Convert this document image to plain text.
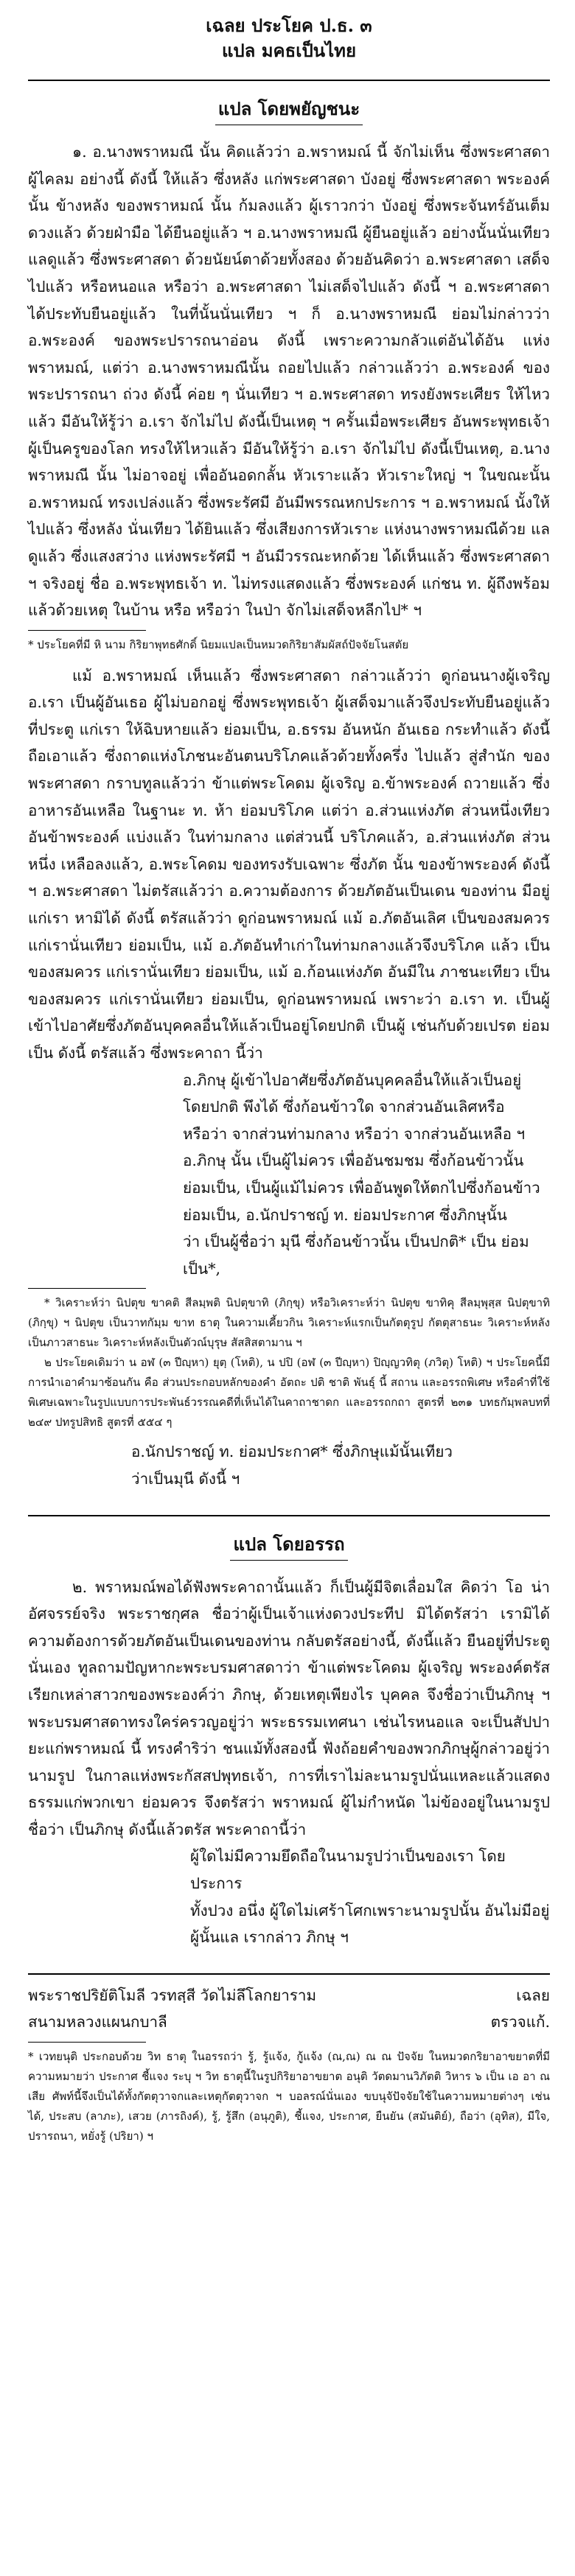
เฉลย ประโยค ป.ธ. ๓
แปล มคธเป็นไทย
แปล โดยพยัญชนะ

๑. อ.นางพราหมณี นั้น คิดแล้วว่า อ.พราหมณ์ นี้ จักไม่เห็น ซึ่งพระศาสดา ผู้ไคลม อย่างนี้ ดังนี้ ให้แล้ว ซึ่งหลัง แก่พระศาสดา บังอยู่ ซึ่งพระศาสดา พระองค์นั้น ข้างหลัง ของพราหมณ์ นั้น ก้มลงแล้ว ผู้เราวกว่า บังอยู่ ซึ่งพระจันทร์อันเต็มดวงแล้ว ด้วยฝ่ามือ ได้ยืนอยู่แล้ว ฯ อ.นางพราหมณี ผู้ยืนอยู่แล้ว อย่างนั้นนั่นเทียว แลดูแล้ว ซึ่งพระศาสดา ด้วยนัยน์ตาด้วยทั้งสอง ด้วยอันคิดว่า อ.พระศาสดา เสด็จไปแล้ว หรือหนอแล หรือว่า อ.พระศาสดา ไม่เสด็จไปแล้ว ดังนี้ ฯ อ.พระศาสดา ได้ประทับยืนอยู่แล้ว ในที่นั้นนั่นเทียว ฯ ก็ อ.นางพราหมณี ย่อมไม่กล่าวว่า อ.พระองค์ ของพระปรารถนาอ่อน ดังนี้ เพราะความกลัวแต่อันได้อัน แห่งพราหมณ์, แต่ว่า อ.นางพราหมณีนั้น ถอยไปแล้ว กล่าวแล้วว่า อ.พระองค์ ของพระปรารถนา ถ่วง ดังนี้ ค่อย ๆ นั่นเทียว ฯ อ.พระศาสดา ทรงยังพระเศียร ให้ไหวแล้ว มีอันให้รู้ว่า อ.เรา จักไม่ไป ดังนี้เป็นเหตุ ฯ ครั้นเมื่อพระเศียร อันพระพุทธเจ้า ผู้เป็นครูของโลก ทรงให้ไหวแล้ว มีอันให้รู้ว่า อ.เรา จักไม่ไป ดังนี้เป็นเหตุ, อ.นางพราหมณี นั้น ไม่อาจอยู่ เพื่ออันอดกลั้น หัวเราะแล้ว หัวเราะใหญ่ ฯ ในขณะนั้น อ.พราหมณ์ ทรงเปล่งแล้ว ซึ่งพระรัศมี อันมีพรรณหกประการ ฯ อ.พราหมณ์ นั้งให้ไปแล้ว ซึ่งหลัง นั่นเทียว ได้ยินแล้ว ซึ่งเสียงการหัวเราะ แห่งนางพราหมณีด้วย แลดูแล้ว ซึ่งแสงสว่าง แห่งพระรัศมี ฯ อันมีวรรณะหกด้วย ได้เห็นแล้ว ซึ่งพระศาสดา ฯ จริงอยู่ ชื่อ อ.พระพุทธเจ้า ท. ไม่ทรงแสดงแล้ว ซึ่งพระองค์ แก่ชน ท. ผู้ถึงพร้อมแล้วด้วยเหตุ ในบ้าน หรือ หรือว่า ในป่า จักไม่เสด็จหลีกไป* ฯ

* ประโยคที่มี หิ นาม กิริยาพุทธศักดิ์ นิยมแปลเป็นหมวดกิริยาสัมผัสถ์ปัจจัยโนสตัย

แม้ อ.พราหมณ์ เห็นแล้ว ซึ่งพระศาสดา กล่าวแล้วว่า ดูก่อนนางผู้เจริญ อ.เรา เป็นผู้อันเธอ ผู้ไม่บอกอยู่ ซึ่งพระพุทธเจ้า ผู้เสด็จมาแล้วจึงประทับยืนอยู่แล้ว ที่ประตู แก่เรา ให้ฉิบหายแล้ว ย่อมเป็น, อ.ธรรม อันหนัก อันเธอ กระทำแล้ว ดังนี้ ถือเอาแล้ว ซึ่งถาดแห่งโภชนะอันตนบริโภคแล้วด้วยทั้งครึ่ง ไปแล้ว สู่สำนัก ของพระศาสดา กราบทูลแล้วว่า ข้าแต่พระโคดม ผู้เจริญ อ.ข้าพระองค์ ถวายแล้ว ซึ่งอาหารอันเหลือ ในฐานะ ท. ห้า ย่อมบริโภค แต่ว่า อ.ส่วนแห่งภัต ส่วนหนึ่งเทียว อันข้าพระองค์ แบ่งแล้ว ในท่ามกลาง แต่ส่วนนี้ บริโภคแล้ว, อ.ส่วนแห่งภัต ส่วนหนึ่ง เหลือลงแล้ว, อ.พระโคดม ของทรงรับเฉพาะ ซึ่งภัต นั้น ของข้าพระองค์ ดังนี้ ฯ อ.พระศาสดา ไม่ตรัสแล้วว่า อ.ความต้องการ ด้วยภัตอันเป็นเดน ของท่าน มีอยู่ แก่เรา หามิได้ ดังนี้ ตรัสแล้วว่า ดูก่อนพราหมณ์ แม้ อ.ภัตอันเลิศ เป็นของสมควร แก่เรานั่นเทียว ย่อมเป็น, แม้ อ.ภัตอันทำเก่าในท่ามกลางแล้วจึงบริโภค แล้ว เป็นของสมควร แก่เรานั่นเทียว ย่อมเป็น, แม้ อ.ก้อนแห่งภัต อันมีใน ภาชนะเทียว เป็นของสมควร แก่เรานั่นเทียว ย่อมเป็น, ดูก่อนพราหมณ์ เพราะว่า อ.เรา ท. เป็นผู้เข้าไปอาศัยซึ่งภัตอันบุคคลอื่นให้แล้วเป็นอยู่โดยปกติ เป็นผู้ เช่นกับด้วยเปรต ย่อมเป็น ดังนี้ ตรัสแล้ว ซึ่งพระคาถา นี้ว่า

อ.ภิกษุ ผู้เข้าไปอาศัยซึ่งภัตอันบุคคลอื่นให้แล้วเป็นอยู่

โดยปกติ พึงได้ ซึ่งก้อนข้าวใด จากส่วนอันเลิศหรือ

หรือว่า จากส่วนท่ามกลาง หรือว่า จากส่วนอันเหลือ ฯ

อ.ภิกษุ นั้น เป็นผู้ไม่ควร เพื่ออันชมชม ซึ่งก้อนข้าวนั้น

ย่อมเป็น, เป็นผู้แม้ไม่ควร เพื่ออันพูดให้ตกไปซึ่งก้อนข้าว

ย่อมเป็น, อ.นักปราชญ์ ท. ย่อมประกาศ ซึ่งภิกษุนั้น

ว่า เป็นผู้ชื่อว่า มุนี ซึ่งก้อนข้าวนั้น เป็นปกติ* เป็น ย่อมเป็น*,

* วิเคราะห์ว่า นิปตุข ขาคติ สีลมฺพติ นิปตุขาทิ (ภิกฺขุ) หรือวิเคราะห์ว่า นิปตุข ขาทิคุ สีลมฺพุสฺส นิปตุขาทิ (ภิกฺขุ) ฯ นิปตุข เป็นวาทกัมฺม ขาท ธาตุ ในความเคี้ยวกิน วิเคราะห์แรกเป็นกัตตุรูป กัตตุสาธนะ วิเคราะห์หลังเป็นภาวสาธนะ วิเคราะห์หลังเป็นตัวณ์บุรุษ สัสสิสตามาน ฯ

๒ ประโยคเดิมว่า น อฬ (๓ ปีญฺหา) ยุตฺ (โหติ), น ปปิ (อฬ (๓ ปีญฺหา) ปิญฺญวทิตุ (ภวิตุ) โหติ) ฯ ประโยคนี้มีการนำเอาคำมาซ้อนกัน คือ ส่วนประกอบหลักของคำ อัตถะ ปติ ชาติ พันธุ์ นี้ สถาน และอรรถพิเศษ หรือคำที่ใช้พิเศษเฉพาะในรูปแบบการประพันธ์วรรณคดีที่เห็นได้ในคาถาชาดก และอรรถกถา สูตรที่ ๒๓๑ บทธกัมฺพลบทที่ ๒๔๙ ปทรูปสิทธิ สูตรที่ ๕๕๔ ๆ

อ.นักปราชญ์ ท. ย่อมประกาศ* ซึ่งภิกษุแม้นั้นเทียว

ว่าเป็นมุนี ดังนี้ ฯ

แปล โดยอรรถ

๒. พราหมณ์พอได้ฟังพระคาถานั้นแล้ว ก็เป็นผู้มีจิตเลื่อมใส คิดว่า โอ น่าอัศจรรย์จริง พระราชกุศล ชื่อว่าผู้เป็นเจ้าแห่งดวงประทีป มิได้ตรัสว่า เรามิได้ความต้องการด้วยภัตอันเป็นเดนของท่าน กลับตรัสอย่างนี้, ดังนี้แล้ว ยืนอยู่ที่ประตูนั่นเอง ทูลถามปัญหากะพระบรมศาสดาว่า ข้าแต่พระโคดม ผู้เจริญ พระองค์ตรัสเรียกเหล่าสาวกของพระองค์ว่า ภิกษุ, ด้วยเหตุเพียงไร บุคคล จึงชื่อว่าเป็นภิกษุ ฯ พระบรมศาสดาทรงใคร่ครวญอยู่ว่า พระธรรมเทศนา เช่นไรหนอแล จะเป็นสัปปายะแก่พราหมณ์ นี้ ทรงคำริว่า ชนแม้ทั้งสองนี้ ฟังถ้อยคำของพวกภิกษุผู้กล่าวอยู่ว่า นามรูป ในกาลแห่งพระกัสสปพุทธเจ้า, การที่เราไม่ละนามรูปนั่นแหละแล้วแสดงธรรมแก่พวกเขา ย่อมควร จึงตรัสว่า พราหมณ์ ผู้ไม่กำหนัด ไม่ข้องอยู่ในนามรูป ชื่อว่า เป็นภิกษุ ดังนี้แล้วตรัส พระคาถานี้ว่า

ผู้ใดไม่มีความยึดถือในนามรูปว่าเป็นของเรา โดยประการ

ทั้งปวง อนึ่ง ผู้ใดไม่เศร้าโศกเพราะนามรูปนั้น อันไม่มีอยู่

ผู้นั้นแล เรากล่าว ภิกษุ ฯ

พระราชปริยัติโมลี วรทสฺสี วัดไม่ลึโลกยาราม	เฉลย
สนามหลวงแผนกบาลี	ตรวจแก้.

* เวทยนุติ ประกอบด้วย วิท ธาตุ ในอรรถว่า รู้, รู้แจ้ง, กู้แจ้ง (ณ,ณ) ณ ณ ปัจจัย ในหมวดกริยาอาขยาตที่มีความหมายว่า ประกาศ ชี้แจง ระบุ ฯ วิท ธาตุนี้ในรูปกิริยาอาขยาต อนุติ วัตดมานวิภัตติ วิหาร ๖ เป็น เอ อา ณ เสีย ศัพท์นี้จึงเป็นได้ทั้งกัตตุวาจกและเหตุกัตตุวาจก ฯ บอลรณ์นั่นเอง ขบนุจัปัจจัยใช้ในความหมายต่างๆ เช่น ได้, ประสบ (ลาภะ), เสวย (ภารถิงค์), รู้, รู้สึก (อนุภูติ), ชี้แจง, ประกาศ, ยืนยัน (สมันติย์), ถือว่า (อุทิส), มีใจ, ปรารถนา, หยั่งรู้ (ปริยา) ฯ
